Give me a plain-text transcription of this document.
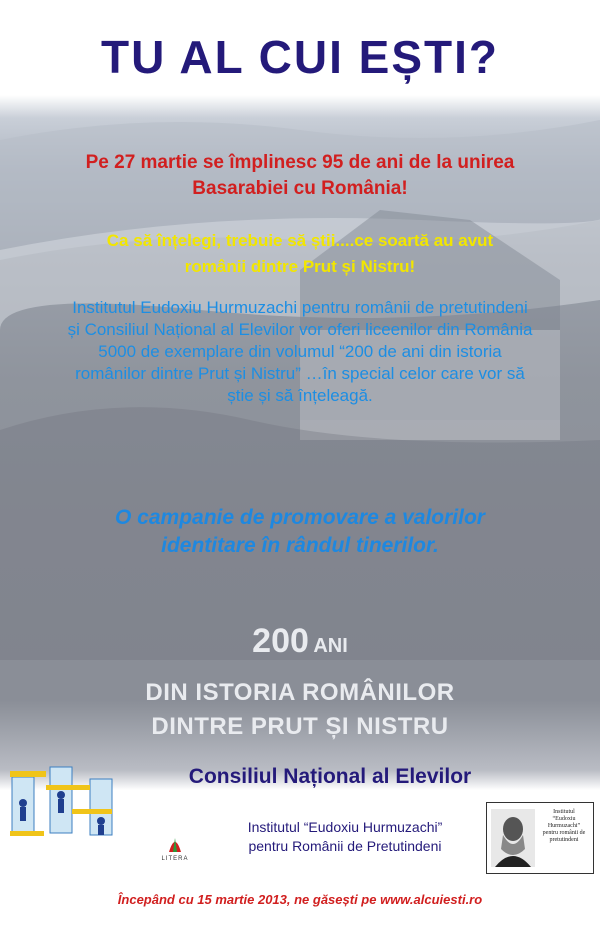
TU AL CUI EȘTI?
Pe 27 martie se împlinesc 95 de ani de la unirea
Basarabiei cu România!
Ca să înțelegi, trebuie să știi....ce soartă au avut
românii dintre Prut și Nistru!
Institutul Eudoxiu Hurmuzachi pentru românii de pretutindeni
și Consiliul Național al Elevilor vor oferi liceenilor din România
5000 de exemplare din volumul “200 de ani din istoria
românilor dintre Prut și Nistru” …în special celor care vor să
știe și să înțeleagă.
O campanie de promovare a valorilor
identitare în rândul tinerilor.
200 ANI
DIN ISTORIA ROMÂNILOR
DINTRE PRUT ȘI NISTRU
Consiliul Național al Elevilor
LITERA
Institutul “Eudoxiu Hurmuzachi”
pentru Românii de Pretutindeni
Institutul
“Eudoxiu Hurmuzachi”
pentru românii de
pretutindeni
Începând cu 15 martie 2013, ne găsești pe www.alcuiesti.ro
